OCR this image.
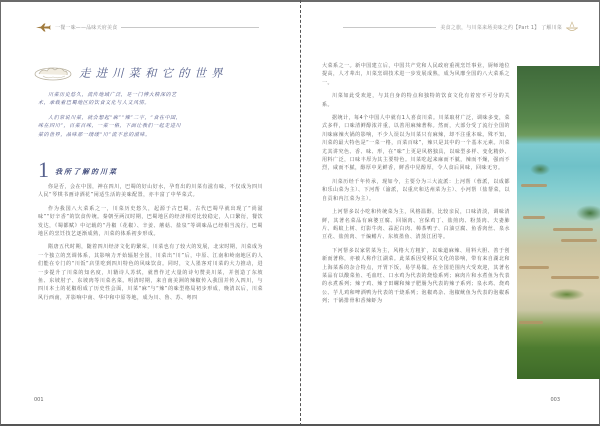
一餐一味——品味天府美食
走进川菜和它的世界

川菜历史悠久，流传地域广泛，是一门博大精深的艺术，承载着巴蜀地区的饮食文化与人文风情。

人们常说川菜，就会想起“麻”“辣”二字，“食在中国，味在四川”，百菜百味，一菜一格，下面让我们一起走进川菜的世界，品味那一缕缕“川”流不息的滋味。

1 我所了解的川菜

你是否，会在中国，神在四川，巴蜀的好山好水，孕育出的川菜有滋有味，不仅成为四川人民“琴棋书画诗酒花”闲适生活的美味配置，亦丰富了中华菜式。

作为我国八大菜系之一，川菜历史悠久，起源于古巴蜀，古代巴蜀早就出现了“尚滋味”“好辛香”的饮食传统。秦朝至两汉时期，巴蜀地区的经济相对比较稳定，人口繁衍，餐饮发达，《蜀都赋》中记载的“丹椒（花椒）、辛姜、蘑菇、盐泉”等调味品已经相当流行，巴蜀地区的烹饪技艺逐渐成熟，川菜的体系初步形成。

隋唐五代时期，随着四川经济文化的繁荣，川菜也有了较大的发展，北宋时期，川菜成为一个独立的烹调体系，其影响力开始辐射全国，川菜出“川”后，中原、江南和岭南地区的人们能在专门的“川饭”店里吃到四川特色的风味饮食。同时，文人墨客对川菜的大力推动，进一步提升了川菜的知名度，川籍诗人苏轼，就曾作过大量的诗句赞美川菜，并创造了东坡鱼、东坡肘子、东坡肉等川菜名菜。明清时期，来自南美洲的辣椒传入我国并传入四川，与四川本土的花椒组成了历史性会面，川菜“麻”与“辣”的味型格局初步形成，晚清以后，川菜风行西南，并影响中南、华中和中原等地，成为川、鲁、苏、粤四

001
美食之旅，与川菜来场美味之约【Part 1】 了解川菜

大菜系之一。新中国建立后，中国共产党和人民政府重视烹饪事业，厨师地位提高，人才辈出，川菜烹调技术进一步发展成熟，成为风靡全国的八大菜系之一。

川菜如此受欢迎，与其自身的特点和独特的饮食文化有着密不可分的关系。

据统计，每4个中国人中就有1人喜食川菜。川菜取材广泛，调味多变，菜式多样，口味清鲜醇浓并重，以善用麻辣著称。然而，大部分受了流行全国的川味麻辣火锅的影响，不少人误以为川菜只有麻辣，却不注重本味。殊不知，川菜的最大特色是“一菜一格，百菜百味”，辣只是其中的一个基本元素。川菜尤其讲究色、香、味、形，在“味”上更是风格独具，以味型多样、变化精妙、用料广泛，口味丰厚为其主要特色。川菜吃起来麻而不腻，辣而不燥，强而不烈，咸而不腻，醇厚中见鲜香，鲜香中见醇厚，令人食后回味，回味无穷。

川菜历经千年传承，现如今，主要分为三大流派：上河帮（蓉派，以成都和乐山菜为主）、下河帮（渝派，以重庆和达州菜为主）、小河帮（盐帮菜，以自贡和内江菜为主）。

上河帮多以小吃和传统菜为主，风格温醇，比较亲民，口味清淡，调味清鲜，其著名菜品有麻婆豆腐、回锅肉、宫保鸡丁、盐煎肉、粉蒸肉、夫妻肺片、蚂蚁上树、灯影牛肉、蒜泥白肉、樟茶鸭子、白油豆腐、鱼香肉丝、泉水豆花、盐煎肉、干煸鳝片、东坡墨鱼、清蒸江团等。

下河帮多以家常菜为主，风格大方粗犷，以味道麻辣、用料大胆、善于创新而著称，亦被人称作江湖菜。此菜系因受移民文化的影响，带有来自湖北和上海菜系的杂合特点，开胃下饭，易学易做，在全国范围内大受欢迎，其著名菜品有以酸菜鱼、毛血旺、口水鸡为代表的烧烩系列；麻肉片和水煮鱼为代表的水煮系列；辣子鸡、辣子田螺和辣子肥肠为代表的辣子系列；泉水鸡、烧鸡公、芋儿鸡和啤酒鸭为代表的干烧系列；泡椒鸡杂、泡椒鱿鱼为代表的泡椒系列；干锅排骨和香辣虾为

003
